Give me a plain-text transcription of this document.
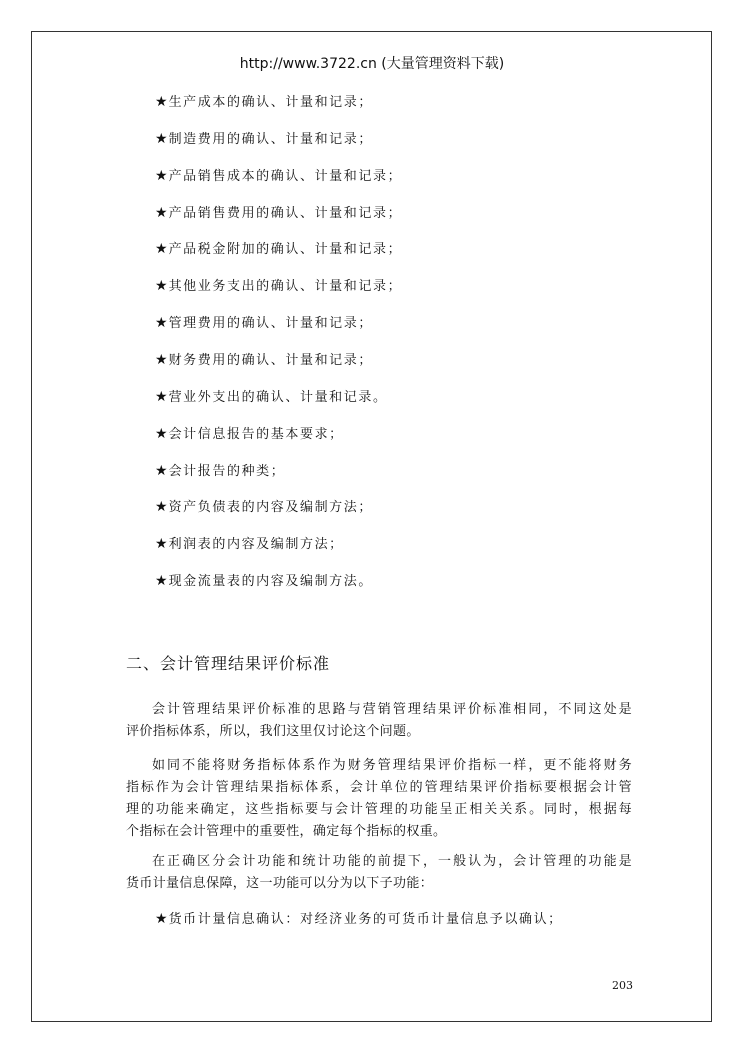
http://www.3722.cn (大量管理资料下载)
★生产成本的确认、计量和记录；
★制造费用的确认、计量和记录；
★产品销售成本的确认、计量和记录；
★产品销售费用的确认、计量和记录；
★产品税金附加的确认、计量和记录；
★其他业务支出的确认、计量和记录；
★管理费用的确认、计量和记录；
★财务费用的确认、计量和记录；
★营业外支出的确认、计量和记录。
★会计信息报告的基本要求；
★会计报告的种类；
★资产负债表的内容及编制方法；
★利润表的内容及编制方法；
★现金流量表的内容及编制方法。
二、会计管理结果评价标准
会计管理结果评价标准的思路与营销管理结果评价标准相同，不同这处是
评价指标体系，所以，我们这里仅讨论这个问题。
如同不能将财务指标体系作为财务管理结果评价指标一样，更不能将财务
指标作为会计管理结果指标体系，会计单位的管理结果评价指标要根据会计管
理的功能来确定，这些指标要与会计管理的功能呈正相关关系。同时，根据每
个指标在会计管理中的重要性，确定每个指标的权重。
在正确区分会计功能和统计功能的前提下，一般认为，会计管理的功能是
货币计量信息保障，这一功能可以分为以下子功能：
★货币计量信息确认：对经济业务的可货币计量信息予以确认；
203
